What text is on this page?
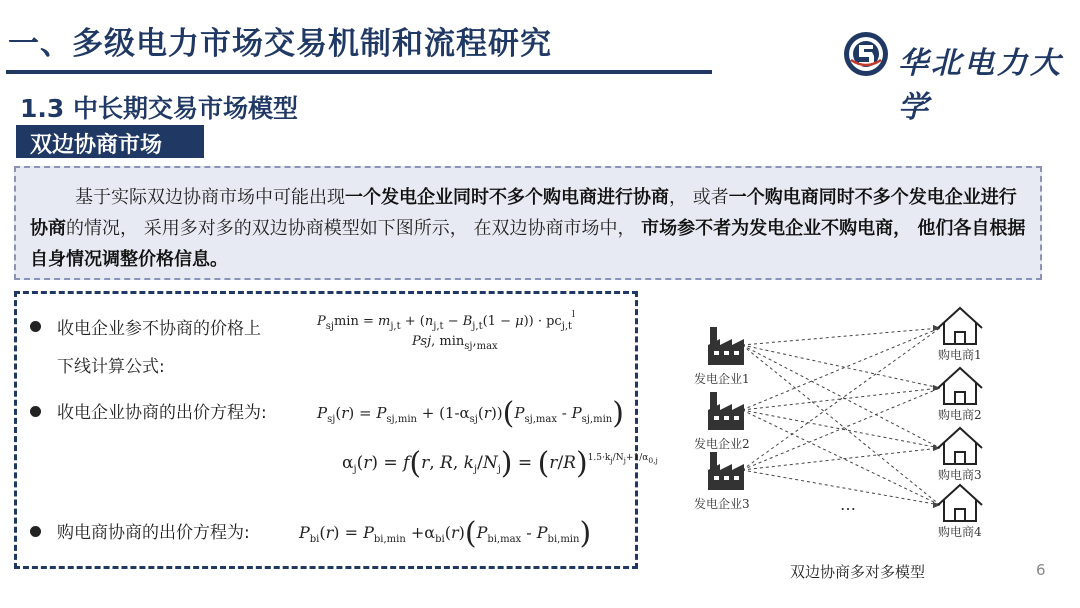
一、多级电力市场交易机制和流程研究
华北电力大学
1.3 中长期交易市场模型
双边协商市场
基于实际双边协商市场中可能出现一个发电企业同时不多个购电商进行协商， 或者一个购电商同时不多个发电企业进行协商的情况， 采用多对多的双边协商模型如下图所示， 在双边协商市场中， 市场参不者为发电企业不购电商， 他们各自根据自身情况调整价格信息。
收电企业参不协商的价格上
下线计算公式:
$P_{sj}\min = m_{j,t} + (n_{j,t} - B_{j,t}(1 - \mu)) \cdot pc_{j,t}^l$
Psj, $\min_{sj},_{max}$
收电企业协商的出价方程为:	$P_{sj}(r) = P_{sj,min} + (1-\alpha_{sj}(r))(P_{sj,max} - P_{sj,min})$
$\alpha_j(r) = f(r$, R, $k_j/N_j) = (r/R)^{1.5\cdot k_j/N_j+1/\alpha_{0,j}}$
购电商协商的出价方程为:	$P_{bi}(r) = P_{bi,min} +\alpha_{bi}(r)(P_{bi,max} - P_{bi,min})$
发电企业1
发电企业2
发电企业3
购电商1
购电商2
购电商3
购电商4
…
双边协商多对多模型	6
